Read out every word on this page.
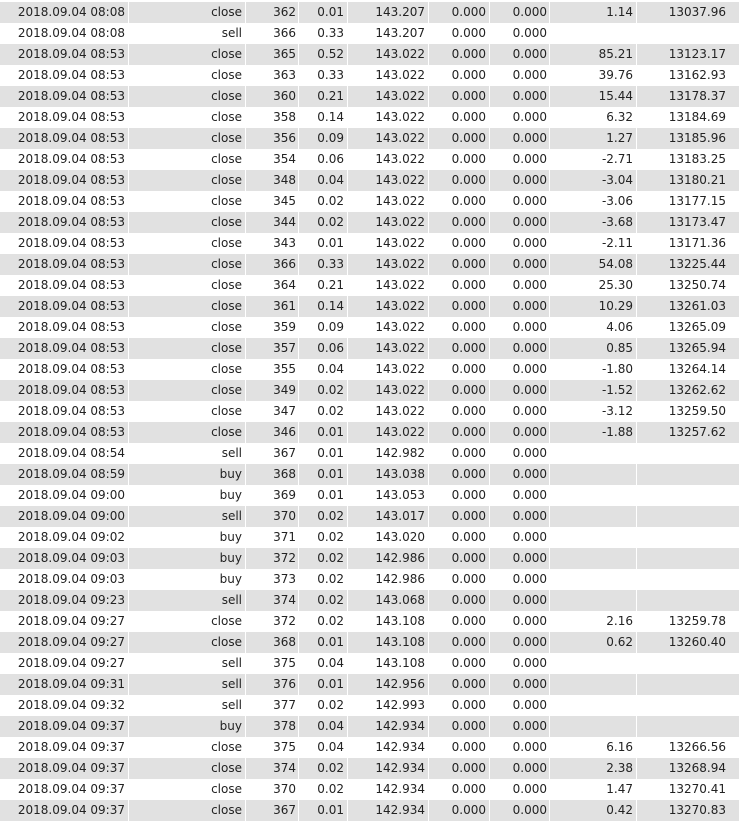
2018.09.04 08:08	close	362	0.01	143.207	0.000	0.000	1.14	13037.96
2018.09.04 08:08	sell	366	0.33	143.207	0.000	0.000
2018.09.04 08:53	close	365	0.52	143.022	0.000	0.000	85.21	13123.17
2018.09.04 08:53	close	363	0.33	143.022	0.000	0.000	39.76	13162.93
2018.09.04 08:53	close	360	0.21	143.022	0.000	0.000	15.44	13178.37
2018.09.04 08:53	close	358	0.14	143.022	0.000	0.000	6.32	13184.69
2018.09.04 08:53	close	356	0.09	143.022	0.000	0.000	1.27	13185.96
2018.09.04 08:53	close	354	0.06	143.022	0.000	0.000	-2.71	13183.25
2018.09.04 08:53	close	348	0.04	143.022	0.000	0.000	-3.04	13180.21
2018.09.04 08:53	close	345	0.02	143.022	0.000	0.000	-3.06	13177.15
2018.09.04 08:53	close	344	0.02	143.022	0.000	0.000	-3.68	13173.47
2018.09.04 08:53	close	343	0.01	143.022	0.000	0.000	-2.11	13171.36
2018.09.04 08:53	close	366	0.33	143.022	0.000	0.000	54.08	13225.44
2018.09.04 08:53	close	364	0.21	143.022	0.000	0.000	25.30	13250.74
2018.09.04 08:53	close	361	0.14	143.022	0.000	0.000	10.29	13261.03
2018.09.04 08:53	close	359	0.09	143.022	0.000	0.000	4.06	13265.09
2018.09.04 08:53	close	357	0.06	143.022	0.000	0.000	0.85	13265.94
2018.09.04 08:53	close	355	0.04	143.022	0.000	0.000	-1.80	13264.14
2018.09.04 08:53	close	349	0.02	143.022	0.000	0.000	-1.52	13262.62
2018.09.04 08:53	close	347	0.02	143.022	0.000	0.000	-3.12	13259.50
2018.09.04 08:53	close	346	0.01	143.022	0.000	0.000	-1.88	13257.62
2018.09.04 08:54	sell	367	0.01	142.982	0.000	0.000
2018.09.04 08:59	buy	368	0.01	143.038	0.000	0.000
2018.09.04 09:00	buy	369	0.01	143.053	0.000	0.000
2018.09.04 09:00	sell	370	0.02	143.017	0.000	0.000
2018.09.04 09:02	buy	371	0.02	143.020	0.000	0.000
2018.09.04 09:03	buy	372	0.02	142.986	0.000	0.000
2018.09.04 09:03	buy	373	0.02	142.986	0.000	0.000
2018.09.04 09:23	sell	374	0.02	143.068	0.000	0.000
2018.09.04 09:27	close	372	0.02	143.108	0.000	0.000	2.16	13259.78
2018.09.04 09:27	close	368	0.01	143.108	0.000	0.000	0.62	13260.40
2018.09.04 09:27	sell	375	0.04	143.108	0.000	0.000
2018.09.04 09:31	sell	376	0.01	142.956	0.000	0.000
2018.09.04 09:32	sell	377	0.02	142.993	0.000	0.000
2018.09.04 09:37	buy	378	0.04	142.934	0.000	0.000
2018.09.04 09:37	close	375	0.04	142.934	0.000	0.000	6.16	13266.56
2018.09.04 09:37	close	374	0.02	142.934	0.000	0.000	2.38	13268.94
2018.09.04 09:37	close	370	0.02	142.934	0.000	0.000	1.47	13270.41
2018.09.04 09:37	close	367	0.01	142.934	0.000	0.000	0.42	13270.83
